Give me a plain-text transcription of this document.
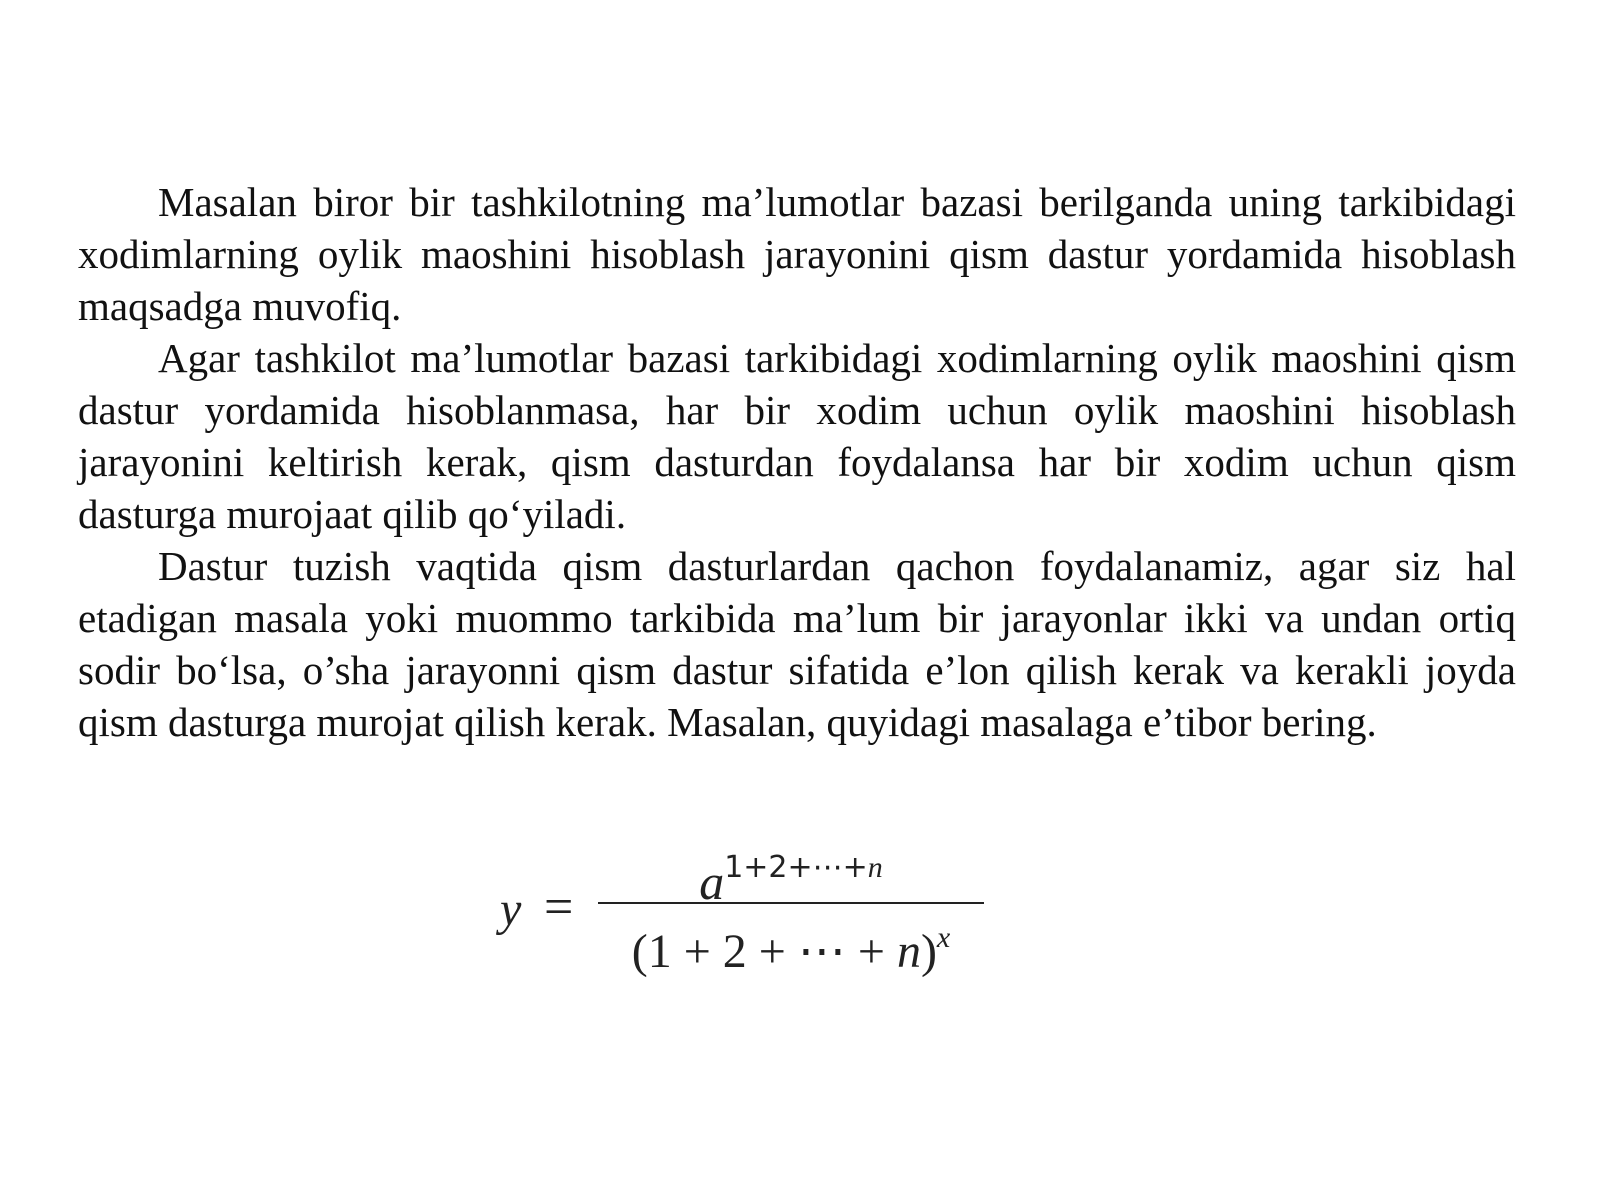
Masalan biror bir tashkilotning ma’lumotlar bazasi berilganda uning tarkibidagi xodimlarning oylik maoshini hisoblash jarayonini qism dastur yordamida hisoblash maqsadga muvofiq.

Agar tashkilot ma’lumotlar bazasi tarkibidagi xodimlarning oylik maoshini qism dastur yordamida hisoblanmasa, har bir xodim uchun oylik maoshini hisoblash jarayonini keltirish kerak, qism dasturdan foydalansa har bir xodim uchun qism dasturga murojaat qilib qo‘yiladi.

Dastur tuzish vaqtida qism dasturlardan qachon foydalanamiz, agar siz hal etadigan masala yoki muommo tarkibida ma’lum bir jarayonlar ikki va undan ortiq sodir bo‘lsa, o’sha jarayonni qism dastur sifatida e’lon qilish kerak va kerakli joyda qism dasturga murojat qilish kerak. Masalan, quyidagi masalaga e’tibor bering.

y =	$a^{1+2+\cdots+n}$
(1 + 2 + ⋯ + n)$^x$
